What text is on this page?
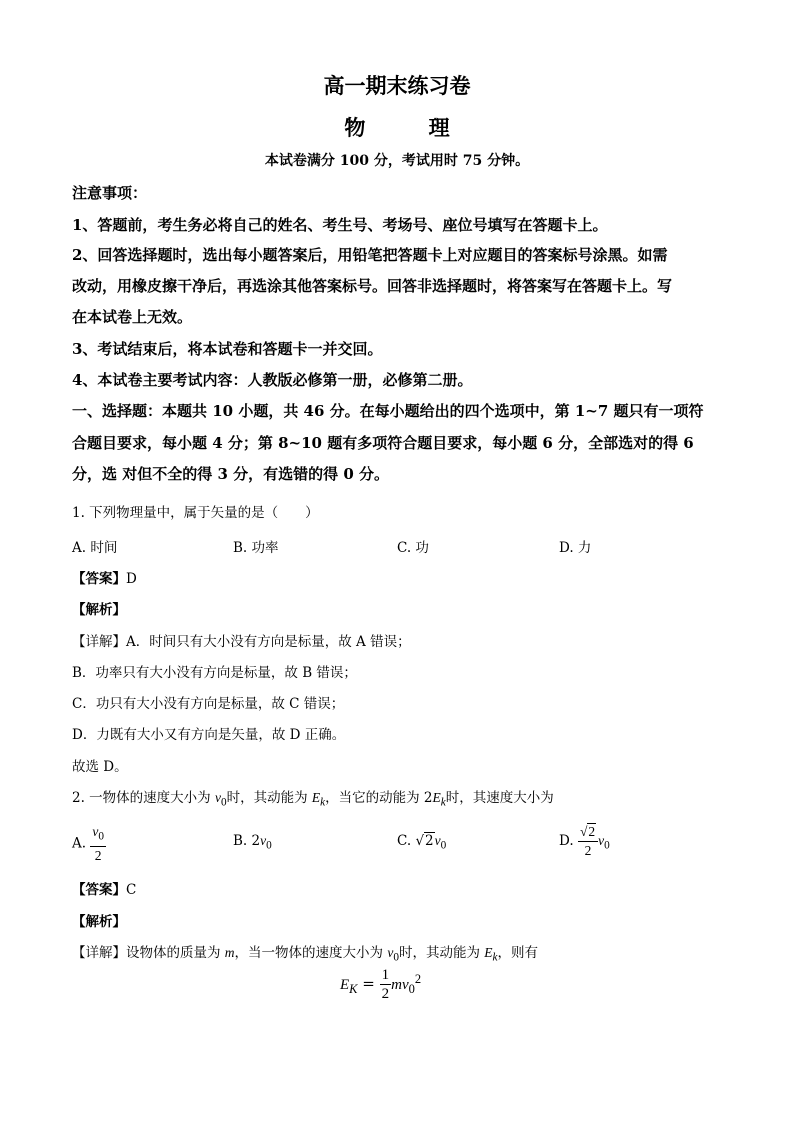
高一期末练习卷
物 理
本试卷满分 100 分，考试用时 75 分钟。
注意事项：
1、答题前，考生务必将自己的姓名、考生号、考场号、座位号填写在答题卡上。
2、回答选择题时，选出每小题答案后，用铅笔把答题卡上对应题目的答案标号涂黑。如需
改动，用橡皮擦干净后，再选涂其他答案标号。回答非选择题时，将答案写在答题卡上。写
在本试卷上无效。
3、考试结束后，将本试卷和答题卡一并交回。
4、本试卷主要考试内容：人教版必修第一册，必修第二册。
一、选择题：本题共 10 小题，共 46 分。在每小题给出的四个选项中，第 1~7 题只有一项符
合题目要求，每小题 4 分；第 8~10 题有多项符合题目要求，每小题 6 分，全部选对的得 6
分，选 对但不全的得 3 分，有选错的得 0 分。
1. 下列物理量中，属于矢量的是（　　）
A. 时间	B. 功率	C. 功	D. 力
【答案】D
【解析】
【详解】A．时间只有大小没有方向是标量，故 A 错误；
B．功率只有大小没有方向是标量，故 B 错误；
C．功只有大小没有方向是标量，故 C 错误；
D．力既有大小又有方向是矢量，故 D 正确。
故选 D。
2. 一物体的速度大小为 $v_0$时，其动能为 $E_k$，当它的动能为 $2E_k$时，其速度大小为
A. $\frac{v_0}{2}$	B. $2v_0$	C. $√2v_0$	D. $\frac{√2}{2} v_0$
【答案】C
【解析】
【详解】设物体的质量为 m，当一物体的速度大小为 $v_0$时，其动能为 $E_k$，则有
$E_K = \frac{1}{2} mv_0^2$
